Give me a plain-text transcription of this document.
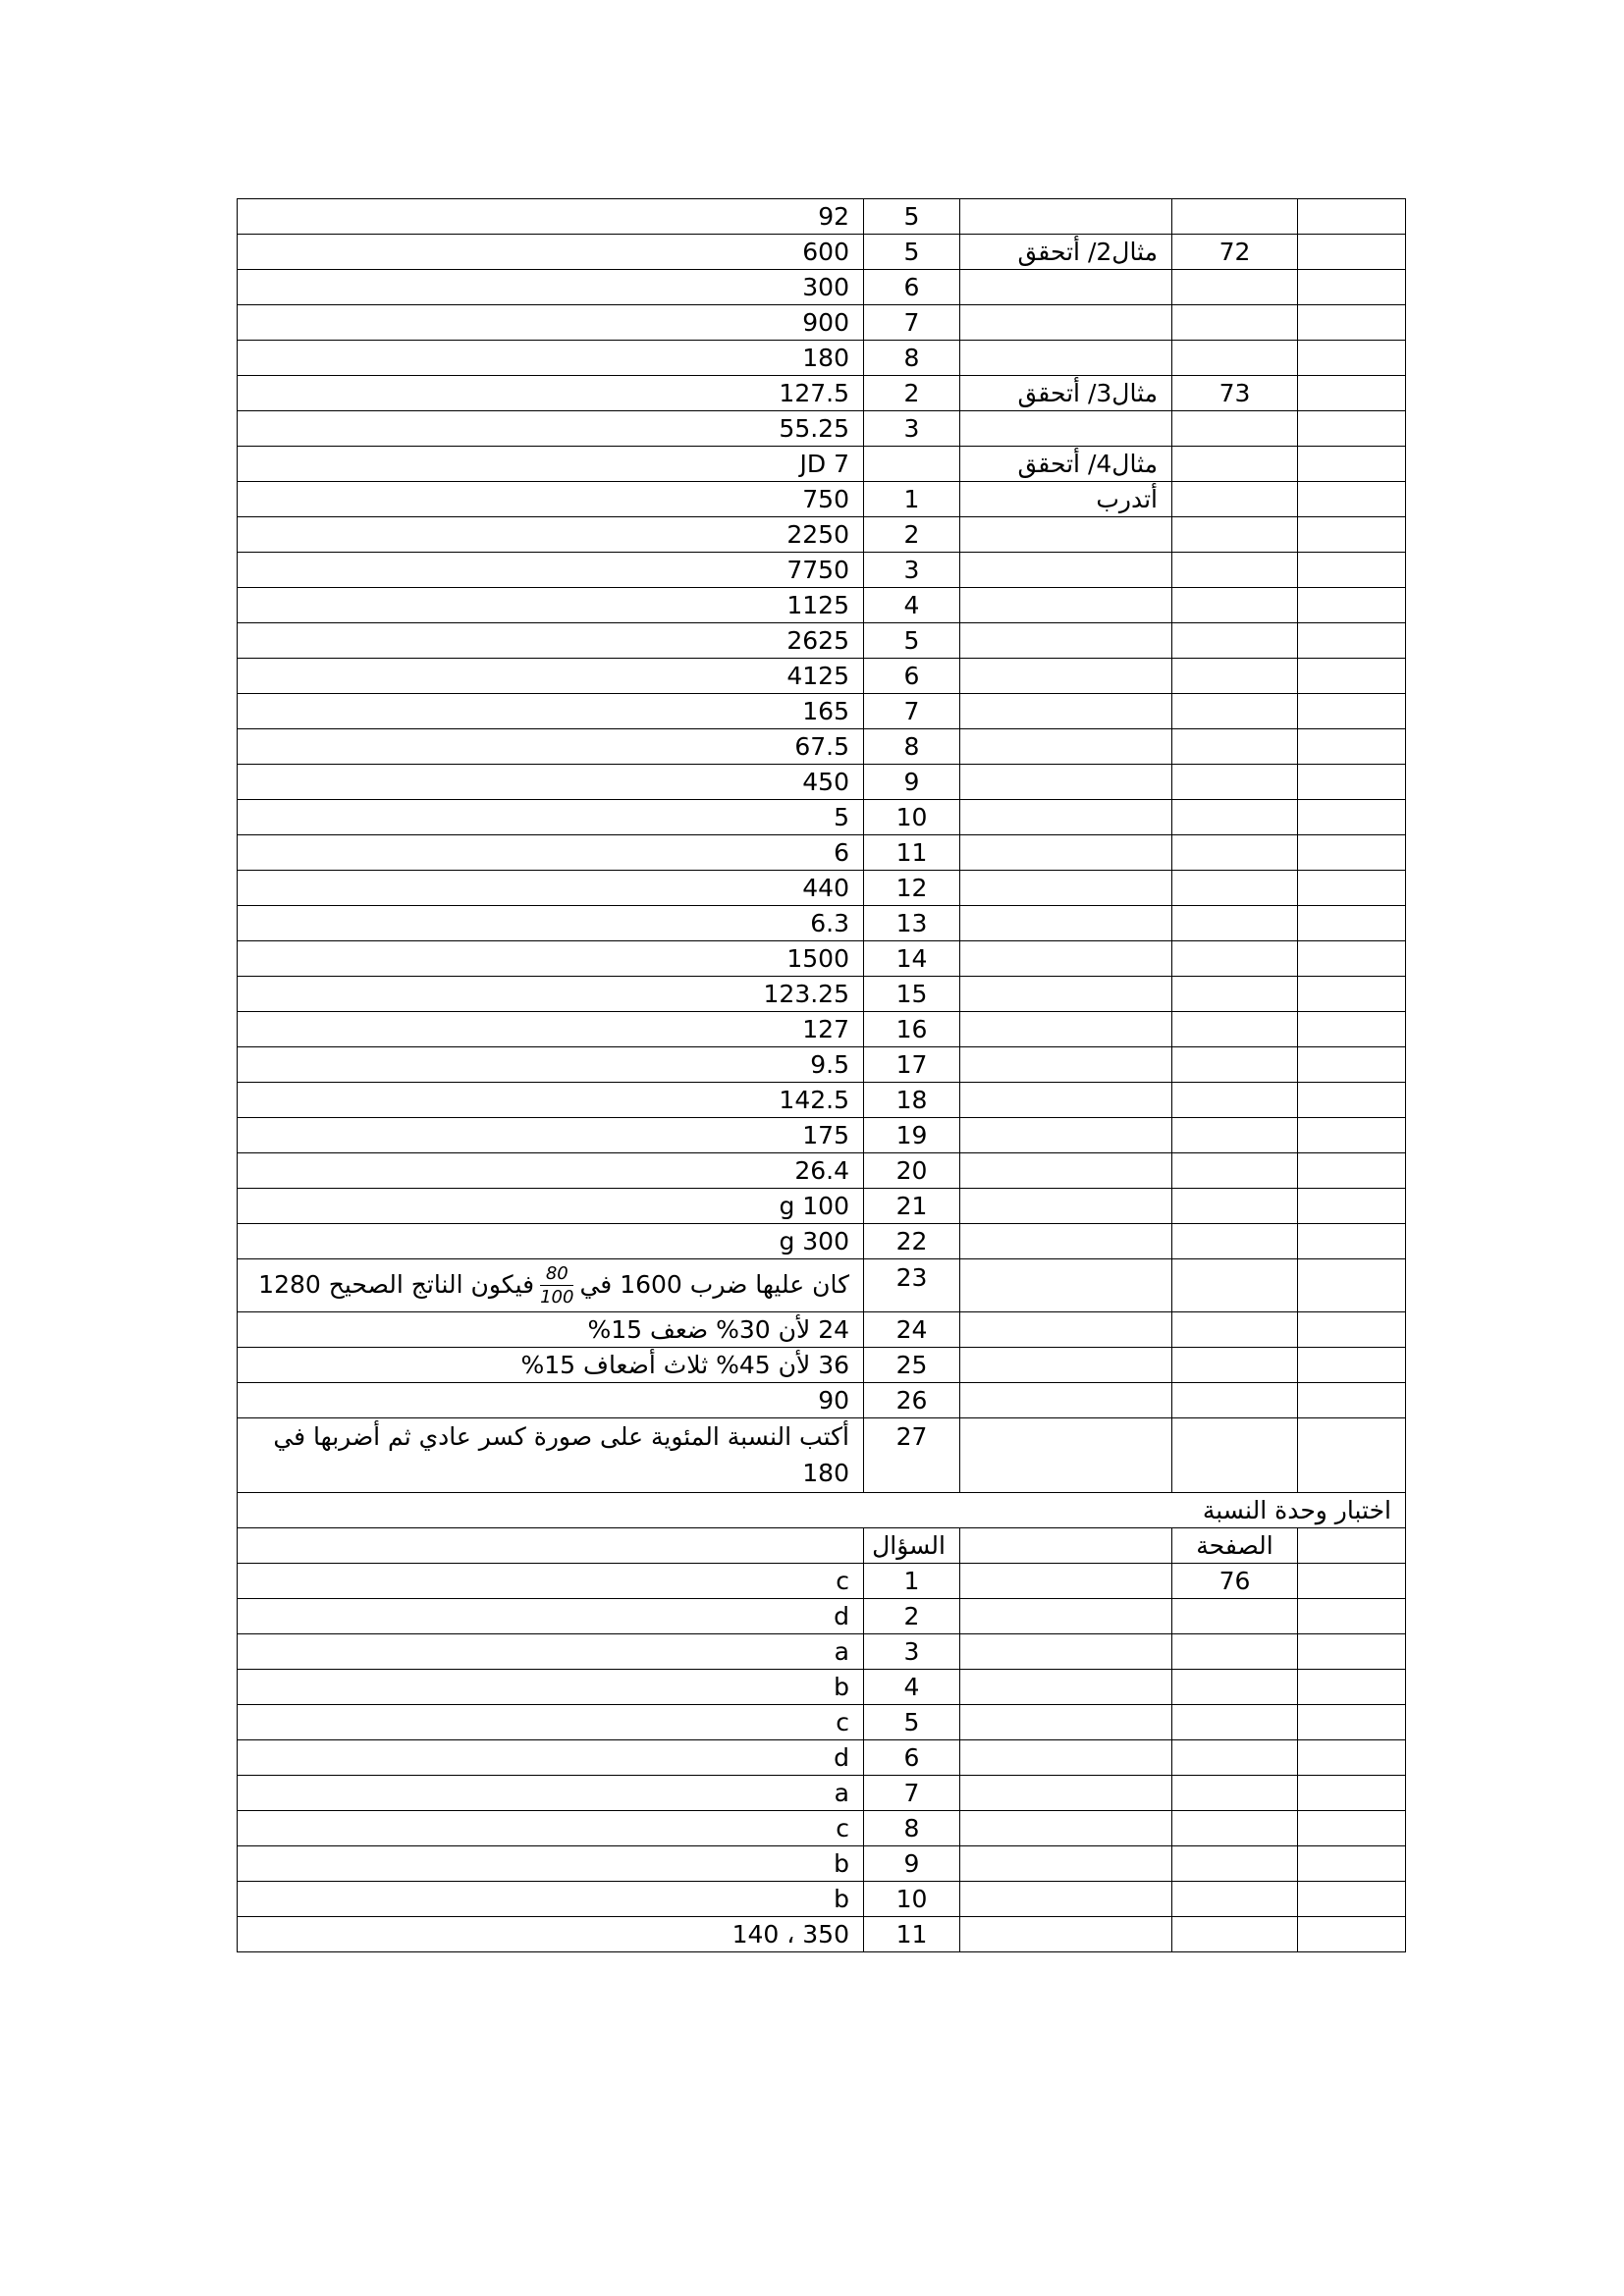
			5	92
	72	مثال2/ أتحقق	5	600
			6	300
			7	900
			8	180
	73	مثال3/ أتحقق	2	127.5
			3	55.25
		مثال4/ أتحقق		JD 7
		أتدرب	1	750
			2	2250
			3	7750
			4	1125
			5	2625
			6	4125
			7	165
			8	67.5
			9	450
			10	5
			11	6
			12	440
			13	6.3
			14	1500
			15	123.25
			16	127
			17	9.5
			18	142.5
			19	175
			20	26.4
			21	100 g
			22	300 g
			23	كان عليها ضرب 1600 في
$\frac{80}{100}$
فيكون الناتج الصحيح 1280
			24	24 لأن 30% ضعف 15%
			25	36 لأن 45% ثلاث أضعاف 15%
			26	90
			27	أكتب النسبة المئوية على صورة كسر عادي ثم أضربها في 180
اختبار وحدة النسبة				
	الصفحة		السؤال	
	76		1	c
			2	d
			3	a
			4	b
			5	c
			6	d
			7	a
			8	c
			9	b
			10	b
			11	350 ، 140
